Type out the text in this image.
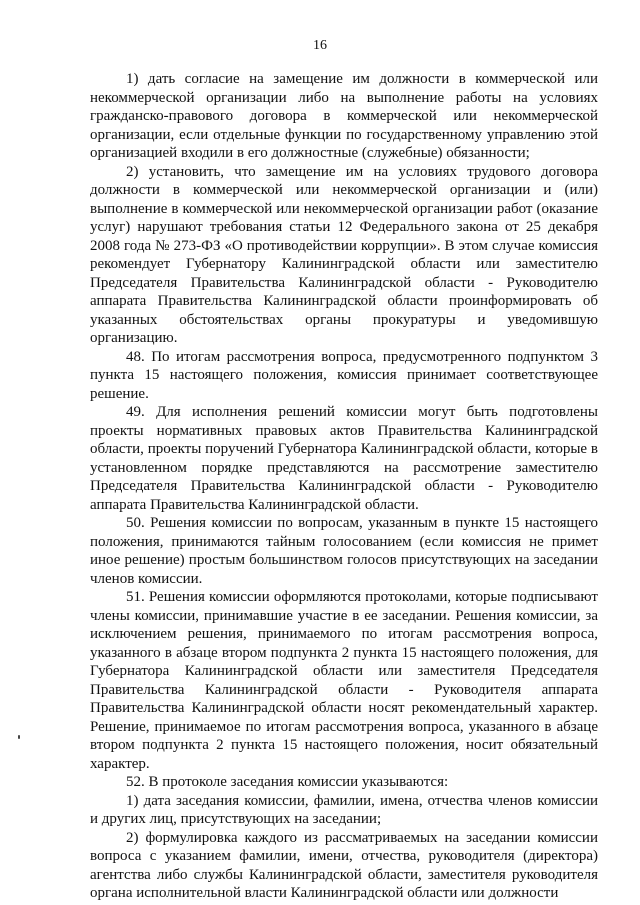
16

1) дать согласие на замещение им должности в коммерческой или некоммерческой организации либо на выполнение работы на условиях гражданско-правового договора в коммерческой или некоммерческой организации, если отдельные функции по государственному управлению этой организацией входили в его должностные (служебные) обязанности;

2) установить, что замещение им на условиях трудового договора должности в коммерческой или некоммерческой организации и (или) выполнение в коммерческой или некоммерческой организации работ (оказание услуг) нарушают требования статьи 12 Федерального закона от 25 декабря 2008 года № 273-ФЗ «О противодействии коррупции». В этом случае комиссия рекомендует Губернатору Калининградской области или заместителю Председателя Правительства Калининградской области - Руководителю аппарата Правительства Калининградской области проинформировать об указанных обстоятельствах органы прокуратуры и уведомившую организацию.

48. По итогам рассмотрения вопроса, предусмотренного подпунктом 3 пункта 15 настоящего положения, комиссия принимает соответствующее решение.

49. Для исполнения решений комиссии могут быть подготовлены проекты нормативных правовых актов Правительства Калининградской области, проекты поручений Губернатора Калининградской области, которые в установленном порядке представляются на рассмотрение заместителю Председателя Правительства Калининградской области - Руководителю аппарата Правительства Калининградской области.

50. Решения комиссии по вопросам, указанным в пункте 15 настоящего положения, принимаются тайным голосованием (если комиссия не примет иное решение) простым большинством голосов присутствующих на заседании членов комиссии.

51. Решения комиссии оформляются протоколами, которые подписывают члены комиссии, принимавшие участие в ее заседании. Решения комиссии, за исключением решения, принимаемого по итогам рассмотрения вопроса, указанного в абзаце втором подпункта 2 пункта 15 настоящего положения, для Губернатора Калининградской области или заместителя Председателя Правительства Калининградской области - Руководителя аппарата Правительства Калининградской области носят рекомендательный характер. Решение, принимаемое по итогам рассмотрения вопроса, указанного в абзаце втором подпункта 2 пункта 15 настоящего положения, носит обязательный характер.

52. В протоколе заседания комиссии указываются:

1) дата заседания комиссии, фамилии, имена, отчества членов комиссии и других лиц, присутствующих на заседании;

2) формулировка каждого из рассматриваемых на заседании комиссии вопроса с указанием фамилии, имени, отчества, руководителя (директора) агентства либо службы Калининградской области, заместителя руководителя органа исполнительной власти Калининградской области или должности
